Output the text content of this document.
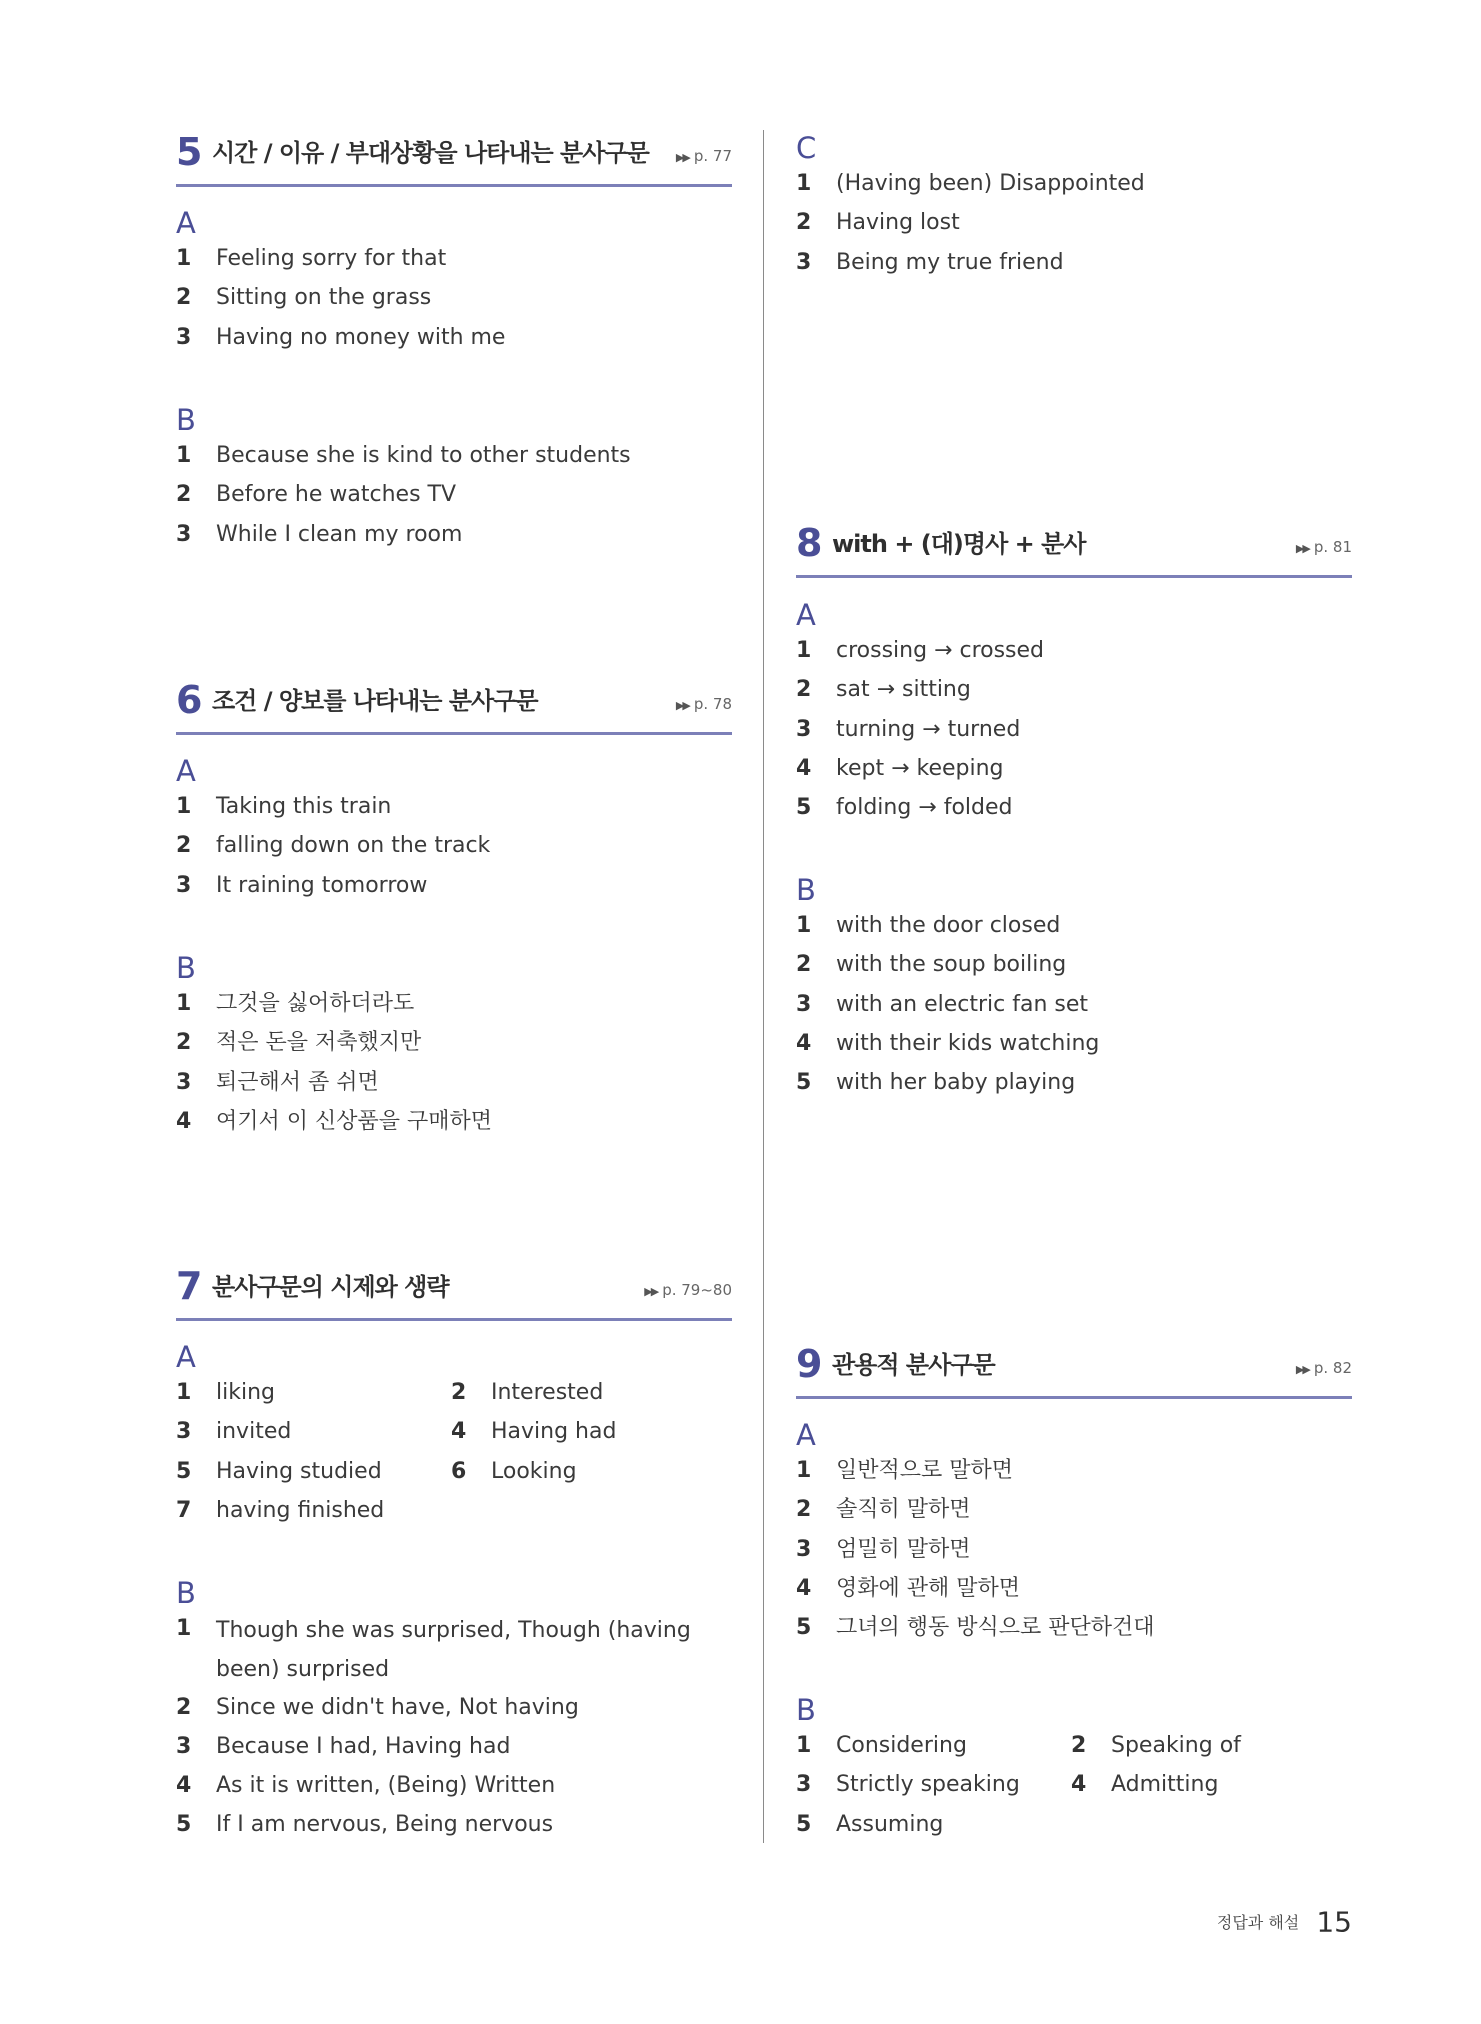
5 시간 / 이유 / 부대상황을 나타내는 분사구문 ▶▶ p. 77
A
1 Feeling sorry for that
2 Sitting on the grass
3 Having no money with me
B
1 Because she is kind to other students
2 Before he watches TV
3 While I clean my room
6 조건 / 양보를 나타내는 분사구문	▶▶ p. 78
A
1 Taking this train
2 falling down on the track
3 It raining tomorrow
B
1 그것을 싫어하더라도
2 적은 돈을 저축했지만
3 퇴근해서 좀 쉬면
4 여기서 이 신상품을 구매하면
7 분사구문의 시제와 생략	▶▶ p. 79~80
A
1 liking	2 Interested
3 invited	4 Having had
5 Having studied	6 Looking
7 having finished
B
1 Though she was surprised, Though (having been) surprised
2 Since we didn't have, Not having
3 Because I had, Having had
4 As it is written, (Being) Written
5 If I am nervous, Being nervous
C
1 (Having been) Disappointed
2 Having lost
3 Being my true friend
8 with + (대)명사 + 분사	▶▶ p. 81
A
1 crossing → crossed
2 sat → sitting
3 turning → turned
4 kept → keeping
5 folding → folded
B
1 with the door closed
2 with the soup boiling
3 with an electric fan set
4 with their kids watching
5 with her baby playing
9 관용적 분사구문	▶▶ p. 82
A
1 일반적으로 말하면
2 솔직히 말하면
3 엄밀히 말하면
4 영화에 관해 말하면
5 그녀의 행동 방식으로 판단하건대
B
1 Considering	2 Speaking of
3 Strictly speaking 4 Admitting
5 Assuming
정답과 해설 15
